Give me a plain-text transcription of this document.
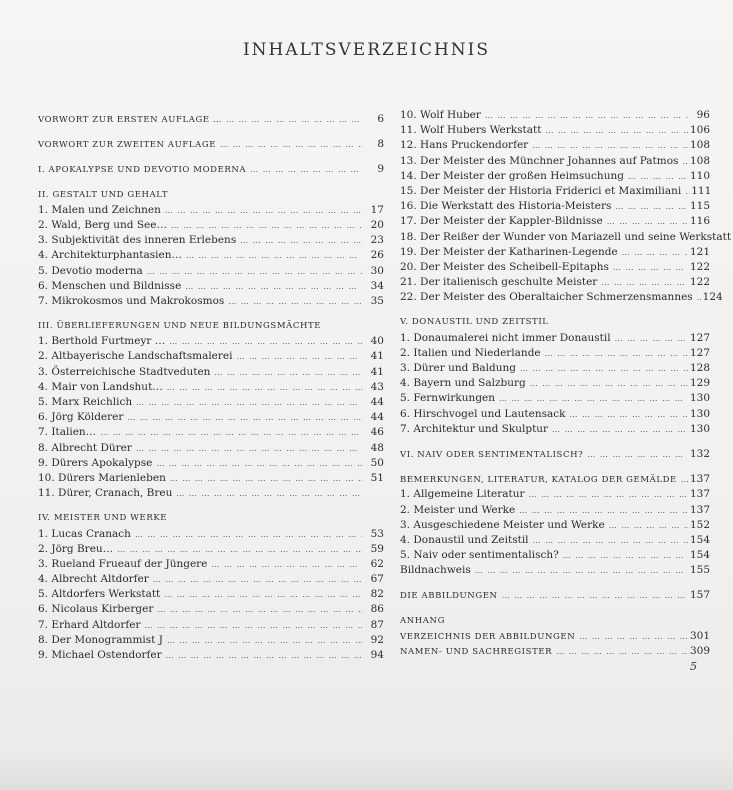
INHALTSVERZEICHNIS
VORWORT ZUR ERSTEN AUFLAGE … … … … … … … … … … … … … … … … … … … … … … … … … … … … … … … … … … …	6
VORWORT ZUR ZWEITEN AUFLAGE … … … … … … … … … … … … … … … … … … … … … … … … … … … … … … … … … …	8
I. APOKALYPSE UND DEVOTIO MODERNA … … … … … … … … … … … … … … … … … … … … … … … … … … … … … … … … … …	9
II. GESTALT UND GEHALT
1. Malen und Zeichnen … … … … … … … … … … … … … … … … … … … … … … … … … … … … … … … … … …	17
2. Wald, Berg und See… … … … … … … … … … … … … … … … … … … … … … … … … … … … … … … … … … …	20
3. Subjektivität des inneren Erlebens … … … … … … … … … … … … … … … … … … … … … … … … … … … … … … … … … …	23
4. Architekturphantasien… … … … … … … … … … … … … … … … … … … … … … … … … … … … … … … … … … …	26
5. Devotio moderna … … … … … … … … … … … … … … … … … … … … … … … … … … … … … … … … … …	30
6. Menschen und Bildnisse … … … … … … … … … … … … … … … … … … … … … … … … … … … … … … … … … …	34
7. Mikrokosmos und Makrokosmos … … … … … … … … … … … … … … … … … … … … … … … … … … … … … … … … … …	35
III. ÜBERLIEFERUNGEN UND NEUE BILDUNGSMÄCHTE
1. Berthold Furtmeyr … … … … … … … … … … … … … … … … … … … … … … … … … … … … … … … … … … …	40
2. Altbayerische Landschaftsmalerei … … … … … … … … … … … … … … … … … … … … … … … … … … … … … … … … … …	41
3. Österreichische Stadtveduten … … … … … … … … … … … … … … … … … … … … … … … … … … … … … … … … … …	41
4. Mair von Landshut… … … … … … … … … … … … … … … … … … … … … … … … … … … … … … … … … … …	43
5. Marx Reichlich … … … … … … … … … … … … … … … … … … … … … … … … … … … … … … … … … …	44
6. Jörg Kölderer … … … … … … … … … … … … … … … … … … … … … … … … … … … … … … … … … …	44
7. Italien… … … … … … … … … … … … … … … … … … … … … … … … … … … … … … … … … … …	46
8. Albrecht Dürer … … … … … … … … … … … … … … … … … … … … … … … … … … … … … … … … … …	48
9. Dürers Apokalypse … … … … … … … … … … … … … … … … … … … … … … … … … … … … … … … … … …	50
10. Dürers Marienleben … … … … … … … … … … … … … … … … … … … … … … … … … … … … … … … … … …	51
11. Dürer, Cranach, Breu
… … … … … … … … … … … … … … … … … … … … … … … … … … … … … … … … … …
IV. MEISTER UND WERKE
1. Lucas Cranach … … … … … … … … … … … … … … … … … … … … … … … … … … … … … … … … … …	53
2. Jörg Breu… … … … … … … … … … … … … … … … … … … … … … … … … … … … … … … … … … …	59
3. Rueland Frueauf der Jüngere … … … … … … … … … … … … … … … … … … … … … … … … … … … … … … … … … …	62
4. Albrecht Altdorfer … … … … … … … … … … … … … … … … … … … … … … … … … … … … … … … … … …	67
5. Altdorfers Werkstatt … … … … … … … … … … … … … … … … … … … … … … … … … … … … … … … … … …	82
6. Nicolaus Kirberger … … … … … … … … … … … … … … … … … … … … … … … … … … … … … … … … … …	86
7. Erhard Altdorfer … … … … … … … … … … … … … … … … … … … … … … … … … … … … … … … … … …	87
8. Der Monogrammist J … … … … … … … … … … … … … … … … … … … … … … … … … … … … … … … … … …	92
9. Michael Ostendorfer … … … … … … … … … … … … … … … … … … … … … … … … … … … … … … … … … …	94
10. Wolf Huber … … … … … … … … … … … … … … … … … … … … … … … … … … … … … … … … … …	96
11. Wolf Hubers Werkstatt … … … … … … … … … … … … … … … … … … … … … … … … … … … … … … … … … …	106
12. Hans Pruckendorfer … … … … … … … … … … … … … … … … … … … … … … … … … … … … … … … … … …	108
13. Der Meister des Münchner Johannes auf Patmos … … … … … … … … … … … … … … … … … … … … … … … … … … … … … … … … … … 108
14. Der Meister der großen Heimsuchung … … … … … … … … … … … … … … … … … … … … … … … … … … … … … … … … … …	110
15. Der Meister der Historia Friderici et Maximiliani … … … … … … … … … … … … … … … … … … … … … … … … … … … … … … … … … … 111
16. Die Werkstatt des Historia-Meisters … … … … … … … … … … … … … … … … … … … … … … … … … … … … … … … … … …	115
17. Der Meister der Kappler-Bildnisse … … … … … … … … … … … … … … … … … … … … … … … … … … … … … … … … … …	116
18. Der Reißer der Wunder von Mariazell und seine Werkstatt
… … … … … … … … … … … … … … … … … … … … … … … … … … … … … … … … … …
19. Der Meister der Katharinen-Legende … … … … … … … … … … … … … … … … … … … … … … … … … … … … … … … … … …	121
20. Der Meister des Scheibell-Epitaphs … … … … … … … … … … … … … … … … … … … … … … … … … … … … … … … … … …	122
21. Der italienisch geschulte Meister … … … … … … … … … … … … … … … … … … … … … … … … … … … … … … … … … …	122
22. Der Meister des Oberaltaicher Schmerzensmannes … … … … … … … … … … … … … … … … … … … … … … … … … … … … … … … … … … 124
V. DONAUSTIL UND ZEITSTIL
1. Donaumalerei nicht immer Donaustil … … … … … … … … … … … … … … … … … … … … … … … … … … … … … … … … … …	127
2. Italien und Niederlande … … … … … … … … … … … … … … … … … … … … … … … … … … … … … … … … … …	127
3. Dürer und Baldung … … … … … … … … … … … … … … … … … … … … … … … … … … … … … … … … … …	128
4. Bayern und Salzburg … … … … … … … … … … … … … … … … … … … … … … … … … … … … … … … … … …	129
5. Fernwirkungen … … … … … … … … … … … … … … … … … … … … … … … … … … … … … … … … … …	130
6. Hirschvogel und Lautensack … … … … … … … … … … … … … … … … … … … … … … … … … … … … … … … … … …	130
7. Architektur und Skulptur … … … … … … … … … … … … … … … … … … … … … … … … … … … … … … … … … …	130
VI. NAIV ODER SENTIMENTALISCH? … … … … … … … … … … … … … … … … … … … … … … … … … … … … … … … … … …	132
BEMERKUNGEN, LITERATUR, KATALOG DER GEMÄLDE … … … … … … … … … … … … … … … … … … … … … … … … … … … … … … … … … … 137
1. Allgemeine Literatur … … … … … … … … … … … … … … … … … … … … … … … … … … … … … … … … … …	137
2. Meister und Werke … … … … … … … … … … … … … … … … … … … … … … … … … … … … … … … … … …	137
3. Ausgeschiedene Meister und Werke … … … … … … … … … … … … … … … … … … … … … … … … … … … … … … … … … …	152
4. Donaustil und Zeitstil … … … … … … … … … … … … … … … … … … … … … … … … … … … … … … … … … …	154
5. Naiv oder sentimentalisch? … … … … … … … … … … … … … … … … … … … … … … … … … … … … … … … … … …	154
Bildnachweis … … … … … … … … … … … … … … … … … … … … … … … … … … … … … … … … … …	155
DIE ABBILDUNGEN … … … … … … … … … … … … … … … … … … … … … … … … … … … … … … … … … …	157
ANHANG
VERZEICHNIS DER ABBILDUNGEN … … … … … … … … … … … … … … … … … … … … … … … … … … … … … … … … … …	301
NAMEN- UND SACHREGISTER … … … … … … … … … … … … … … … … … … … … … … … … … … … … … … … … … …	309
5
